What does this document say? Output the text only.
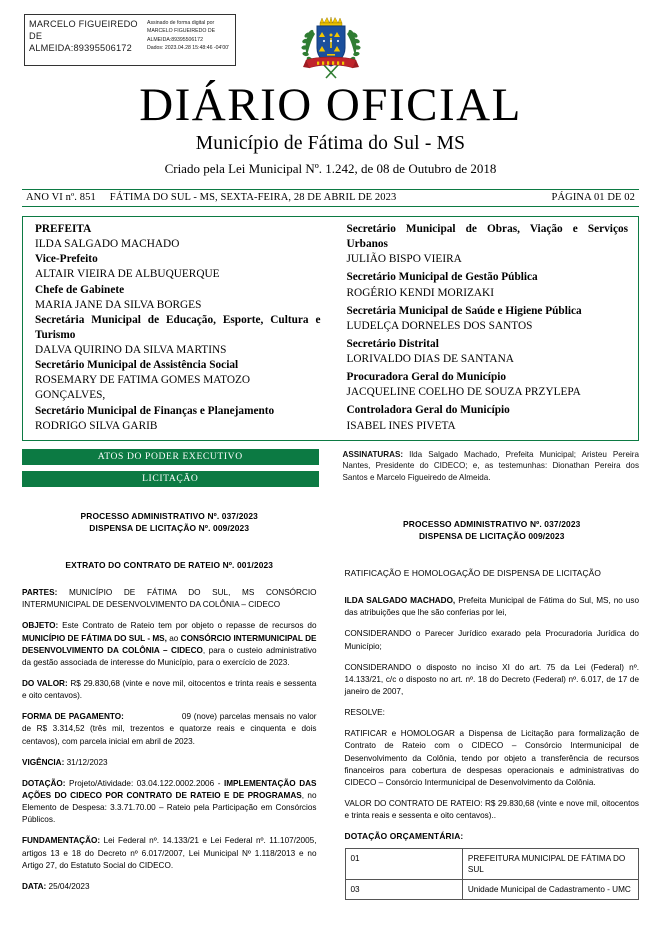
MARCELO FIGUEIREDO
DE
ALMEIDA:89395506172
Assinado de forma digital por
MARCELO FIGUEIREDO DE
ALMEIDA:89395506172
Dados: 2023.04.28 15:48:46 -04'00'
DIÁRIO OFICIAL
Município de Fátima do Sul - MS
Criado pela Lei Municipal Nº. 1.242, de 08 de Outubro de 2018
ANO VI nº. 851 FÁTIMA DO SUL - MS, SEXTA-FEIRA, 28 DE ABRIL DE 2023	PÁGINA 01 DE 02
PREFEITA
ILDA SALGADO MACHADO
Vice-Prefeito
ALTAIR VIEIRA DE ALBUQUERQUE
Chefe de Gabinete
MARIA JANE DA SILVA BORGES
Secretária Municipal de Educação, Esporte, Cultura e Turismo
DALVA QUIRINO DA SILVA MARTINS
Secretário Municipal de Assistência Social
ROSEMARY DE FATIMA GOMES MATOZO GONÇALVES,
Secretário Municipal de Finanças e Planejamento
RODRIGO SILVA GARIB
Secretário Municipal de Obras, Viação e Serviços Urbanos
JULIÃO BISPO VIEIRA
Secretário Municipal de Gestão Pública
ROGÉRIO KENDI MORIZAKI
Secretária Municipal de Saúde e Higiene Pública
LUDELÇA DORNELES DOS SANTOS
Secretário Distrital
LORIVALDO DIAS DE SANTANA
Procuradora Geral do Município
JACQUELINE COELHO DE SOUZA PRZYLEPA
Controladora Geral do Município
ISABEL INES PIVETA
ATOS DO PODER EXECUTIVO
LICITAÇÃO
ASSINATURAS: Ilda Salgado Machado, Prefeita Municipal; Aristeu Pereira Nantes, Presidente do CIDECO; e, as testemunhas: Dionathan Pereira dos Santos e Marcelo Figueiredo de Almeida.
PROCESSO ADMINISTRATIVO Nº. 037/2023
DISPENSA DE LICITAÇÃO Nº. 009/2023
EXTRATO DO CONTRATO DE RATEIO Nº. 001/2023

PARTES: MUNICÍPIO DE FÁTIMA DO SUL, MS CONSÓRCIO INTERMUNICIPAL DE DESENVOLVIMENTO DA COLÔNIA – CIDECO

OBJETO: Este Contrato de Rateio tem por objeto o repasse de recursos do MUNICÍPIO DE FÁTIMA DO SUL - MS, ao CONSÓRCIO INTERMUNICIPAL DE DESENVOLVIMENTO DA COLÔNIA – CIDECO, para o custeio administrativo da gestão associada de interesse do Município, para o exercício de 2023.

DO VALOR: R$ 29.830,68 (vinte e nove mil, oitocentos e trinta reais e sessenta e oito centavos).

FORMA DE PAGAMENTO:	09 (nove) parcelas mensais no valor de R$ 3.314,52 (três mil, trezentos e quatorze reais e cinquenta e dois centavos), com parcela inicial em abril de 2023.

VIGÊNCIA: 31/12/2023

DOTAÇÃO: Projeto/Atividade: 03.04.122.0002.2006 - IMPLEMENTAÇÃO DAS AÇÕES DO CIDECO POR CONTRATO DE RATEIO E DE PROGRAMAS, no Elemento de Despesa: 3.3.71.70.00 – Rateio pela Participação em Consórcios Públicos.

FUNDAMENTAÇÃO: Lei Federal nº. 14.133/21 e Lei Federal nº. 11.107/2005, artigos 13 e 18 do Decreto nº 6.017/2007, Lei Municipal Nº 1.118/2013 e no Artigo 27, do Estatuto Social do CIDECO.

DATA: 25/04/2023

PROCESSO ADMINISTRATIVO Nº. 037/2023
DISPENSA DE LICITAÇÃO 009/2023
RATIFICAÇÃO E HOMOLOGAÇÃO DE DISPENSA DE LICITAÇÃO

ILDA SALGADO MACHADO, Prefeita Municipal de Fátima do Sul, MS, no uso das atribuições que lhe são conferias por lei,

CONSIDERANDO o Parecer Jurídico exarado pela Procuradoria Jurídica do Município;

CONSIDERANDO o disposto no inciso XI do art. 75 da Lei (Federal) nº. 14.133/21, c/c o disposto no art. nº. 18 do Decreto (Federal) nº. 6.017, de 17 de janeiro de 2007,

RESOLVE:

RATIFICAR e HOMOLOGAR a Dispensa de Licitação para formalização de Contrato de Rateio com o CIDECO – Consórcio Intermunicipal de Desenvolvimento da Colônia, tendo por objeto a transferência de recursos financeiros para cobertura de despesas operacionais e administrativas do CIDECO – Consórcio Intermunicipal de Desenvolvimento da Colônia.

VALOR DO CONTRATO DE RATEIO: R$ 29.830,68 (vinte e nove mil, oitocentos e trinta reais e sessenta e oito centavos)..

DOTAÇÃO ORÇAMENTÁRIA:
01	PREFEITURA MUNICIPAL DE FÁTIMA DO SUL
03	Unidade Municipal de Cadastramento - UMC
